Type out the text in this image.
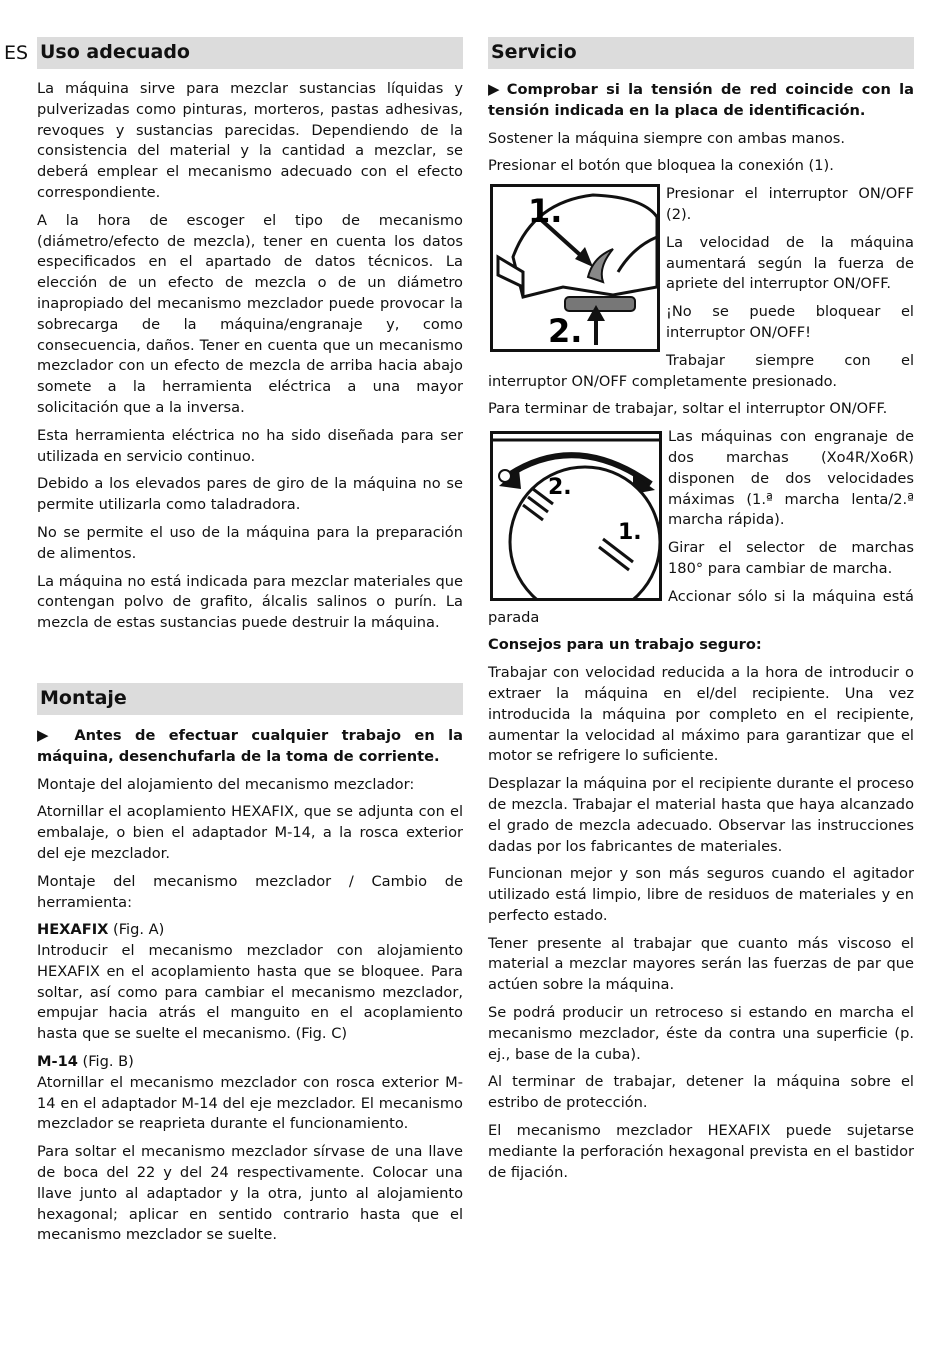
ES Uso adecuado

La máquina sirve para mezclar sustancias líquidas y pulverizadas como pinturas, morteros, pastas adhesivas, revoques y sustancias parecidas. Dependiendo de la consistencia del material y la cantidad a mezclar, se deberá emplear el mecanismo adecuado con el efecto correspondiente.

A la hora de escoger el tipo de mecanismo (diámetro/efecto de mezcla), tener en cuenta los datos especificados en el apartado de datos técnicos. La elección de un efecto de mezcla o de un diámetro inapropiado del mecanismo mezclador puede provocar la sobrecarga de la máquina/engranaje y, como consecuencia, daños. Tener en cuenta que un mecanismo mezclador con un efecto de mezcla de arriba hacia abajo somete a la herramienta eléctrica a una mayor solicitación que a la inversa.

Esta herramienta eléctrica no ha sido diseñada para ser utilizada en servicio continuo.

Debido a los elevados pares de giro de la máquina no se permite utilizarla como taladradora.

No se permite el uso de la máquina para la preparación de alimentos.

La máquina no está indicada para mezclar materiales que contengan polvo de grafito, álcalis salinos o purín. La mezcla de estas sustancias puede destruir la máquina.

Montaje

▶ Antes de efectuar cualquier trabajo en la máquina, desenchufarla de la toma de corriente.

Montaje del alojamiento del mecanismo mezclador:

Atornillar el acoplamiento HEXAFIX, que se adjunta con el embalaje, o bien el adaptador M-14, a la rosca exterior del eje mezclador.

Montaje del mecanismo mezclador / Cambio de herramienta:

HEXAFIX (Fig. A)
Introducir el mecanismo mezclador con alojamiento HEXAFIX en el acoplamiento hasta que se bloquee. Para soltar, así como para cambiar el mecanismo mezclador, empujar hacia atrás el manguito en el acoplamiento hasta que se suelte el mecanismo. (Fig. C)

M-14 (Fig. B)
Atornillar el mecanismo mezclador con rosca exterior M-14 en el adaptador M-14 del eje mezclador. El mecanismo mezclador se reaprieta durante el funcionamiento.

Para soltar el mecanismo mezclador sírvase de una llave de boca del 22 y del 24 respectivamente. Colocar una llave junto al adaptador y la otra, junto al alojamiento hexagonal; aplicar en sentido contrario hasta que el mecanismo mezclador se suelte.

Servicio

▶ Comprobar si la tensión de red coincide con la tensión indicada en la placa de identificación.

Sostener la máquina siempre con ambas manos.

Presionar el botón que bloquea la conexión (1).

1.
2.

Presionar el interruptor ON/OFF (2).

La velocidad de la máquina aumentará según la fuerza de apriete del interruptor ON/OFF.

¡No se puede bloquear el interruptor ON/OFF!

Trabajar siempre con el interruptor ON/OFF completamente presionado.

Para terminar de trabajar, soltar el interruptor ON/OFF.

2.
1.

Las máquinas con engranaje de dos marchas (Xo4R/Xo6R) disponen de dos velocidades máximas (1.ª marcha lenta/2.ª marcha rápida).

Girar el selector de marchas 180° para cambiar de marcha.

Accionar sólo si la máquina está parada

Consejos para un trabajo seguro:

Trabajar con velocidad reducida a la hora de introducir o extraer la máquina en el/del recipiente. Una vez introducida la máquina por completo en el recipiente, aumentar la velocidad al máximo para garantizar que el motor se refrigere lo suficiente.

Desplazar la máquina por el recipiente durante el proceso de mezcla. Trabajar el material hasta que haya alcanzado el grado de mezcla adecuado. Observar las instrucciones dadas por los fabricantes de materiales.

Funcionan mejor y son más seguros cuando el agitador utilizado está limpio, libre de residuos de materiales y en perfecto estado.

Tener presente al trabajar que cuanto más viscoso el material a mezclar mayores serán las fuerzas de par que actúen sobre la máquina.

Se podrá producir un retroceso si estando en marcha el mecanismo mezclador, éste da contra una superficie (p. ej., base de la cuba).

Al terminar de trabajar, detener la máquina sobre el estribo de protección.

El mecanismo mezclador HEXAFIX puede sujetarse mediante la perforación hexagonal prevista en el bastidor de fijación.
